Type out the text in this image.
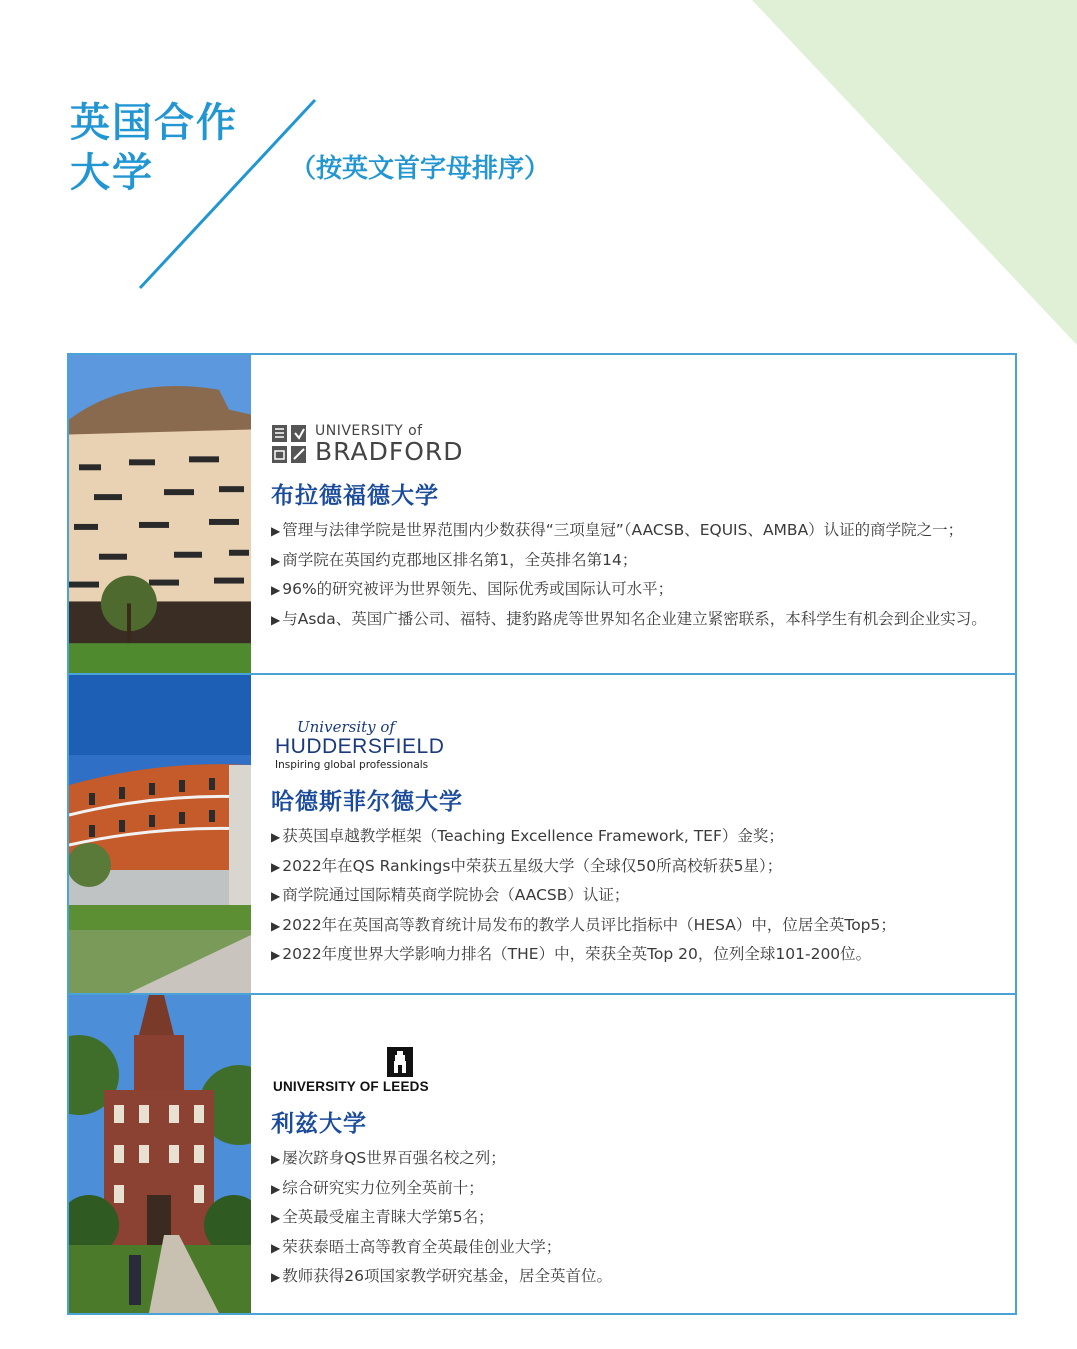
英国合作
大学	（按英文首字母排序）
UNIVERSITY of
BRADFORD
布拉德福德大学
▶ 管理与法律学院是世界范围内少数获得“三项皇冠”（AACSB、EQUIS、AMBA）认证的商学院之一；
▶ 商学院在英国约克郡地区排名第1，全英排名第14；
▶ 96%的研究被评为世界领先、国际优秀或国际认可水平；
▶ 与Asda、英国广播公司、福特、捷豹路虎等世界知名企业建立紧密联系，本科学生有机会到企业实习。
University of
HUDDERSFIELD
Inspiring global professionals
哈德斯菲尔德大学
▶ 获英国卓越教学框架（Teaching Excellence Framework, TEF）金奖；
▶ 2022年在QS Rankings中荣获五星级大学（全球仅50所高校斩获5星）；
▶ 商学院通过国际精英商学院协会（AACSB）认证；
▶ 2022年在英国高等教育统计局发布的教学人员评比指标中（HESA）中，位居全英Top5；
▶ 2022年度世界大学影响力排名（THE）中，荣获全英Top 20，位列全球101-200位。
UNIVERSITY OF LEEDS
利兹大学
▶ 屡次跻身QS世界百强名校之列；
▶ 综合研究实力位列全英前十；
▶ 全英最受雇主青睐大学第5名；
▶ 荣获泰晤士高等教育全英最佳创业大学；
▶ 教师获得26项国家教学研究基金，居全英首位。
